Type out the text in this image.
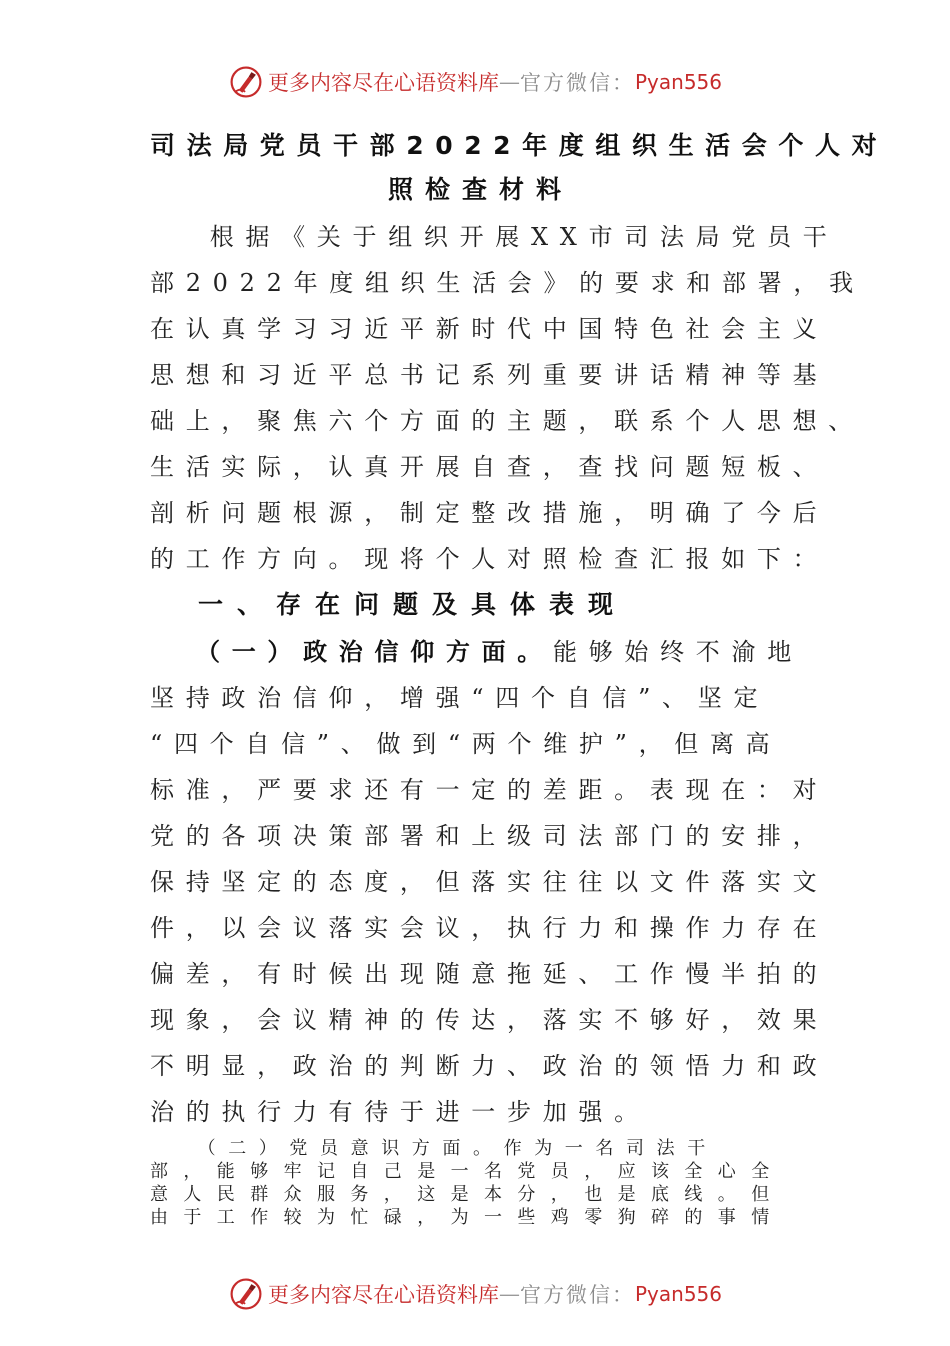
更多内容尽在心语资料库 — 官方微信： Pyan556
司法局党员干部2022年度组织生活会个人对
照检查材料
　根据《关于组织开展XX市司法局党员干
部2022年度组织生活会》的要求和部署，我
在认真学习习近平新时代中国特色社会主义
思想和习近平总书记系列重要讲话精神等基
础上，聚焦六个方面的主题，联系个人思想、
生活实际，认真开展自查，查找问题短板、
剖析问题根源，制定整改措施，明确了今后
的工作方向。现将个人对照检查汇报如下：
一、存在问题及具体表现
（一）政治信仰方面。能够始终不渝地
坚持政治信仰，增强“四个自信”、坚定
“四个自信”、做到“两个维护”，但离高
标准，严要求还有一定的差距。表现在：对
党的各项决策部署和上级司法部门的安排，
保持坚定的态度，但落实往往以文件落实文
件，以会议落实会议，执行力和操作力存在
偏差，有时候出现随意拖延、工作慢半拍的
现象，会议精神的传达，落实不够好，效果
不明显，政治的判断力、政治的领悟力和政
治的执行力有待于进一步加强。
　（二）党员意识方面。作为一名司法干
部，能够牢记自己是一名党员，应该全心全
意人民群众服务，这是本分，也是底线。但
由于工作较为忙碌，为一些鸡零狗碎的事情
更多内容尽在心语资料库 — 官方微信： Pyan556
